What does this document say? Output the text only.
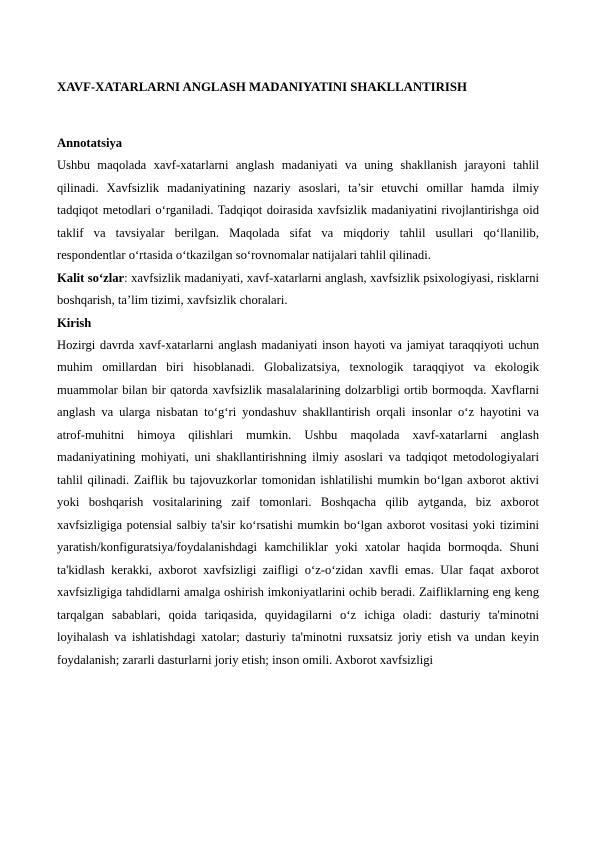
XAVF-XATARLARNI ANGLASH MADANIYATINI SHAKLLANTIRISH

Annotatsiya

Ushbu maqolada xavf-xatarlarni anglash madaniyati va uning shakllanish jarayoni tahlil qilinadi. Xavfsizlik madaniyatining nazariy asoslari, ta’sir etuvchi omillar hamda ilmiy tadqiqot metodlari o‘rganiladi. Tadqiqot doirasida xavfsizlik madaniyatini rivojlantirishga oid taklif va tavsiyalar berilgan. Maqolada sifat va miqdoriy tahlil usullari qo‘llanilib, respondentlar o‘rtasida o‘tkazilgan so‘rovnomalar natijalari tahlil qilinadi.

Kalit so‘zlar: xavfsizlik madaniyati, xavf-xatarlarni anglash, xavfsizlik psixologiyasi, risklarni boshqarish, ta’lim tizimi, xavfsizlik choralari.

Kirish

Hozirgi davrda xavf-xatarlarni anglash madaniyati inson hayoti va jamiyat taraqqiyoti uchun muhim omillardan biri hisoblanadi. Globalizatsiya, texnologik taraqqiyot va ekologik muammolar bilan bir qatorda xavfsizlik masalalarining dolzarbligi ortib bormoqda. Xavflarni anglash va ularga nisbatan to‘g‘ri yondashuv shakllantirish orqali insonlar o‘z hayotini va atrof-muhitni himoya qilishlari mumkin. Ushbu maqolada xavf-xatarlarni anglash madaniyatining mohiyati, uni shakllantirishning ilmiy asoslari va tadqiqot metodologiyalari tahlil qilinadi. Zaiflik bu tajovuzkorlar tomonidan ishlatilishi mumkin bo‘lgan axborot aktivi yoki boshqarish vositalarining zaif tomonlari. Boshqacha qilib aytganda, biz axborot xavfsizligiga potensial salbiy ta'sir ko‘rsatishi mumkin bo‘lgan axborot vositasi yoki tizimini yaratish/konfiguratsiya/foydalanishdagi kamchiliklar yoki xatolar haqida bormoqda. Shuni ta'kidlash kerakki, axborot xavfsizligi zaifligi o‘z-o‘zidan xavfli emas. Ular faqat axborot xavfsizligiga tahdidlarni amalga oshirish imkoniyatlarini ochib beradi. Zaifliklarning eng keng tarqalgan sabablari, qoida tariqasida, quyidagilarni o‘z ichiga oladi: dasturiy ta'minotni loyihalash va ishlatishdagi xatolar; dasturiy ta'minotni ruxsatsiz joriy etish va undan keyin foydalanish; zararli dasturlarni joriy etish; inson omili. Axborot xavfsizligi
